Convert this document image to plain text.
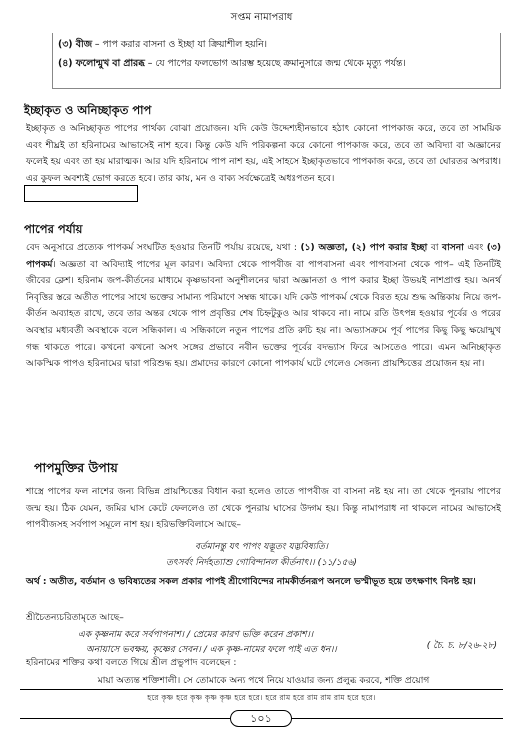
সপ্তম নামাপরাধ
(৩) বীজ – পাপ করার বাসনা ও ইচ্ছা যা ক্রিয়াশীল হয়নি।
(৪) ফলোন্মুখ বা প্রারব্ধ – যে পাপের ফলভোগ আরম্ভ হয়েছে ক্রমানুসারে জন্ম থেকে মৃত্যু পর্যন্ত।
ইচ্ছাকৃত ও অনিচ্ছাকৃত পাপ
ইচ্ছাকৃত ও অনিচ্ছাকৃত পাপের পার্থক্য বোঝা প্রয়োজন। যদি কেউ উদ্দেশ্যহীনভাবে হঠাৎ কোনো পাপকাজ করে, তবে তা সাময়িক এবং শীঘ্রই তা হরিনামের আভাসেই নাশ হবে। কিন্তু কেউ যদি পরিকল্পনা করে কোনো পাপকাজ করে, তবে তা অবিদ্যা বা অজ্ঞানের ফলেই হয় এবং তা হয় মারাত্মক। আর যদি হরিনামে পাপ নাশ হয়, এই সাহসে ইচ্ছাকৃতভাবে পাপকাজ করে, তবে তা ঘোরতর অপরাধ। এর কুফল অবশ্যই ভোগ করতে হবে। তার কায়, মন ও বাক্য সর্বক্ষেত্রেই অধঃপতন হবে।
পাপের পর্যায়
বেদ অনুসারে প্রত্যেক পাপকর্ম সংঘটিত হওয়ার তিনটি পর্যায় রয়েছে, যথা : (১) অজ্ঞতা, (২) পাপ করার ইচ্ছা বা বাসনা এবং (৩) পাপকর্ম। অজ্ঞতা বা অবিদ্যাই পাপের মূল কারণ। অবিদ্যা থেকে পাপবীজ বা পাপবাসনা এবং পাপবাসনা থেকে পাপ– এই তিনটিই জীবের ক্লেশ। হরিনাম জপ-কীর্তনের মাধ্যমে কৃষ্ণভাবনা অনুশীলনের দ্বারা অজ্ঞানতা ও পাপ করার ইচ্ছা উভয়ই নাশপ্রাপ্ত হয়। অনর্থ নিবৃত্তির স্তরে অতীত পাপের সাথে ভক্তের সামান্য পরিমাণে সম্বন্ধ থাকে। যদি কেউ পাপকর্ম থেকে বিরত হয়ে শুদ্ধ অন্তিকায় নিয়ে জপ-কীর্তন অব্যাহত রাখে, তবে তার অন্তর থেকে পাপ প্রবৃত্তির শেষ চিহ্নটুকুও আর থাকবে না। নামে রতি উৎপন্ন হওয়ার পূর্বের ও পরের অবস্থার মধ্যবর্তী অবস্থাকে বলে সন্ধিকাল। এ সন্ধিকালে নতুন পাপের প্রতি রুচি হয় না। অভ্যাসক্রমে পূর্ব পাপের কিছু কিছু ক্ষয়োন্মুখ গন্ধ থাকতে পারে। কখনো কখনো অসৎ সঙ্গের প্রভাবে নবীন ভক্তের পূর্বের বদভ্যাস ফিরে আসতেও পারে। এমন অনিচ্ছাকৃত আকস্মিক পাপও হরিনামের দ্বারা পরিশুদ্ধ হয়। প্রমাদের কারণে কোনো পাপকার্য ঘটে গেলেও সেজন্য প্রায়শ্চিত্তের প্রয়োজন হয় না।
পাপমুক্তির উপায়
শাস্ত্রে পাপের ফল নাশের জন্য বিভিন্ন প্রায়শ্চিত্তের বিধান করা হলেও তাতে পাপবীজ বা বাসনা নষ্ট হয় না। তা থেকে পুনরায় পাপের জন্ম হয়। ঠিক যেমন, জমির ঘাস কেটে ফেললেও তা থেকে পুনরায় ঘাসের উদ্গম হয়। কিন্তু নামাপরাধ না থাকলে নামের আভাসেই পাপবীজসহ সর্বপাপ সমূলে নাশ হয়। হরিভক্তিবিলাসে আছে–
বর্তমানন্তু যৎ পাপং যদ্ভূতং যদ্ভবিষ্যতি।
তৎসর্বং নির্দহত্যাশু গোবিন্দানল কীর্তনাৎ।। (১১/১৫৬)
অর্থ : অতীত, বর্তমান ও ভবিষ্যতের সকল প্রকার পাপই শ্রীগোবিন্দের নামকীর্তনরূপ অনলে ভস্মীভূত হয়ে তৎক্ষণাৎ বিনষ্ট হয়।
শ্রীচৈতন্যচরিতামৃতে আছে–
এক কৃষ্ণনাম করে সর্বপাপনাশ। / প্রেমের কারণ ভক্তি করেন প্রকাশ।।
অনায়াসে ভবক্ষয়, কৃষ্ণের সেবন। / এক কৃষ্ণ-নামের ফলে পাই এত ধন।।	( চৈ. চ. ৮/২৬-২৮)
হরিনামের শক্তির কথা বলতে গিয়ে শ্রীল প্রভুপাদ বলেছেন :
মায়া অত্যন্ত শক্তিশালী। সে তোমাকে অন্য পথে নিয়ে যাওয়ার জন্য প্রলুব্ধ করবে, শক্তি প্রয়োগ
হরে কৃষ্ণ হরে কৃষ্ণ কৃষ্ণ কৃষ্ণ হরে হরে। হরে রাম হরে রাম রাম রাম হরে হরে।
১০১
